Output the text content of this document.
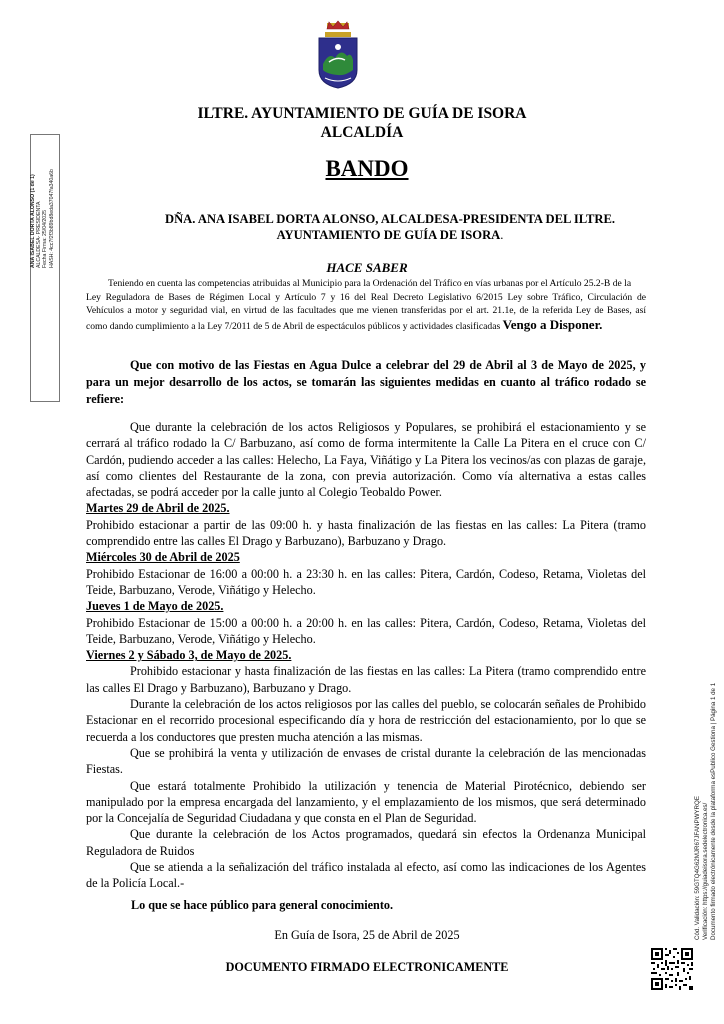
ILTRE. AYUNTAMIENTO DE GUÍA DE ISORA
ALCALDÍA
BANDO
DÑA. ANA ISABEL DORTA ALONSO, ALCALDESA-PRESIDENTA DEL ILTRE.
AYUNTAMIENTO DE GUÍA DE ISORA.
HACE SABER
Teniendo en cuenta las competencias atribuidas al Municipio para la Ordenación del Tráfico en vías urbanas por el Artículo 25.2-B de la
Ley Reguladora de Bases de Régimen Local y Artículo 7 y 16 del Real Decreto Legislativo 6/2015 Ley sobre Tráfico, Circulación de
Vehículos a motor y seguridad vial, en virtud de las facultades que me vienen transferidas por el art. 21.1e, de la referida Ley de Bases, así
como dando cumplimiento a la Ley 7/2011 de 5 de Abril de espectáculos públicos y actividades clasificadas Vengo a Disponer.
Que con motivo de las Fiestas en Agua Dulce a celebrar del 29 de Abril al 3 de Mayo de 2025, y para un mejor desarrollo de los actos, se tomarán las siguientes medidas en cuanto al tráfico rodado se refiere:

Que durante la celebración de los actos Religiosos y Populares, se prohibirá el estacionamiento y se cerrará al tráfico rodado la C/ Barbuzano, así como de forma intermitente la Calle La Pitera en el cruce con C/ Cardón, pudiendo acceder a las calles: Helecho, La Faya, Viñátigo y La Pitera los vecinos/as con plazas de garaje, así como clientes del Restaurante de la zona, con previa autorización. Como vía alternativa a estas calles afectadas, se podrá acceder por la calle junto al Colegio Teobaldo Power.

Martes 29 de Abril de 2025.

Prohibido estacionar a partir de las 09:00 h. y hasta finalización de las fiestas en las calles: La Pitera (tramo comprendido entre las calles El Drago y Barbuzano), Barbuzano y Drago.

Miércoles 30 de Abril de 2025

Prohibido Estacionar de 16:00 a 00:00 h. a 23:30 h. en las calles: Pitera, Cardón, Codeso, Retama, Violetas del Teide, Barbuzano, Verode, Viñátigo y Helecho.

Jueves 1 de Mayo de 2025.

Prohibido Estacionar de 15:00 a 00:00 h. a 20:00 h. en las calles: Pitera, Cardón, Codeso, Retama, Violetas del Teide, Barbuzano, Verode, Viñátigo y Helecho.

Viernes 2 y Sábado 3, de Mayo de 2025.

Prohibido estacionar y hasta finalización de las fiestas en las calles: La Pitera (tramo comprendido entre las calles El Drago y Barbuzano), Barbuzano y Drago.

Durante la celebración de los actos religiosos por las calles del pueblo, se colocarán señales de Prohibido Estacionar en el recorrido procesional especificando día y hora de restricción del estacionamiento, por lo que se recuerda a los conductores que presten mucha atención a las mismas.

Que se prohibirá la venta y utilización de envases de cristal durante la celebración de las mencionadas Fiestas.

Que estará totalmente Prohibido la utilización y tenencia de Material Pirotécnico, debiendo ser manipulado por la empresa encargada del lanzamiento, y el emplazamiento de los mismos, que será determinado por la Concejalía de Seguridad Ciudadana y que consta en el Plan de Seguridad.

Que durante la celebración de los Actos programados, quedará sin efectos la Ordenanza Municipal Reguladora de Ruidos

Que se atienda a la señalización del tráfico instalada al efecto, así como las indicaciones de los Agentes de la Policía Local.-

Lo que se hace público para general conocimiento.
En Guía de Isora, 25 de Abril de 2025
DOCUMENTO FIRMADO ELECTRONICAMENTE
ANA ISABEL DORTA ALONSO (1 de 1) ALCALDESA- PRESIDENTA Fecha Firma: 25/04/2025 HASH: 4cc7f2f3b89bd8eda37047fa340a6b
Cód. Validación: 59GTQ4G62MJR67JFANPWYRQE Verificación: https://guiadeisora.sedelectronica.es/ Documento firmado electrónicamente desde la plataforma esPublico Gestiona | Página 1 de 1
